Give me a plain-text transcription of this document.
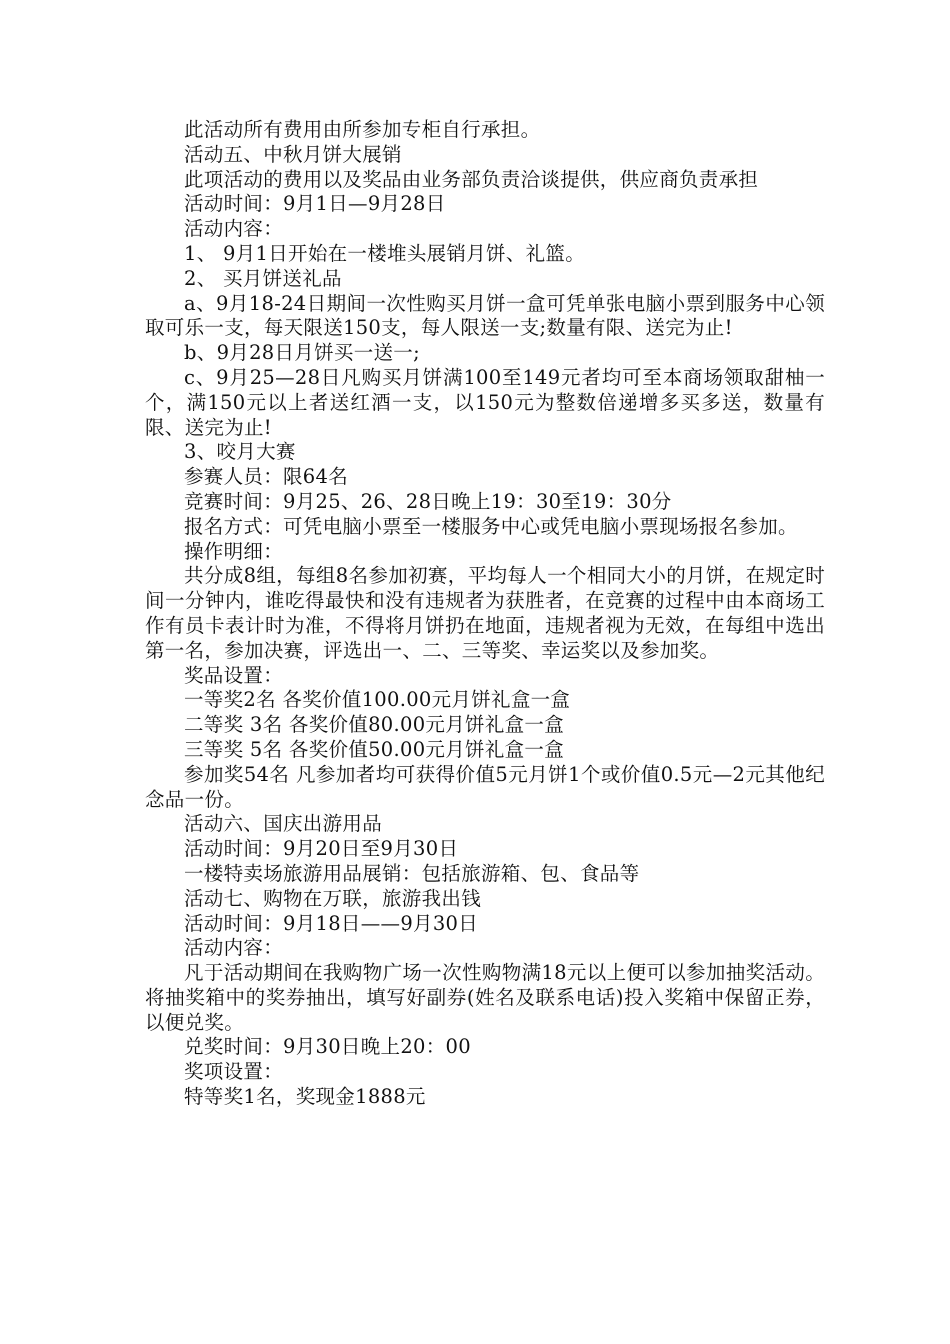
此活动所有费用由所参加专柜自行承担。

活动五、中秋月饼大展销

此项活动的费用以及奖品由业务部负责洽谈提供，供应商负责承担

活动时间：9月1日—9月28日

活动内容：

1、 9月1日开始在一楼堆头展销月饼、礼篮。

2、 买月饼送礼品

a、9月18-24日期间一次性购买月饼一盒可凭单张电脑小票到服务中心领取可乐一支，每天限送150支，每人限送一支;数量有限、送完为止!

b、9月28日月饼买一送一;

c、9月25—28日凡购买月饼满100至149元者均可至本商场领取甜柚一个，满150元以上者送红酒一支，以150元为整数倍递增多买多送，数量有限、送完为止!

3、咬月大赛

参赛人员：限64名

竞赛时间：9月25、26、28日晚上19：30至19：30分

报名方式：可凭电脑小票至一楼服务中心或凭电脑小票现场报名参加。

操作明细：

共分成8组，每组8名参加初赛，平均每人一个相同大小的月饼，在规定时间一分钟内，谁吃得最快和没有违规者为获胜者，在竞赛的过程中由本商场工作有员卡表计时为准，不得将月饼扔在地面，违规者视为无效，在每组中选出第一名，参加决赛，评选出一、二、三等奖、幸运奖以及参加奖。

奖品设置：

一等奖2名 各奖价值100.00元月饼礼盒一盒

二等奖 3名 各奖价值80.00元月饼礼盒一盒

三等奖 5名 各奖价值50.00元月饼礼盒一盒

参加奖54名 凡参加者均可获得价值5元月饼1个或价值0.5元—2元其他纪念品一份。

活动六、国庆出游用品

活动时间：9月20日至9月30日

一楼特卖场旅游用品展销：包括旅游箱、包、食品等

活动七、购物在万联，旅游我出钱

活动时间：9月18日——9月30日

活动内容：

凡于活动期间在我购物广场一次性购物满18元以上便可以参加抽奖活动。将抽奖箱中的奖券抽出，填写好副券(姓名及联系电话)投入奖箱中保留正券，以便兑奖。

兑奖时间：9月30日晚上20：00

奖项设置：

特等奖1名，奖现金1888元
